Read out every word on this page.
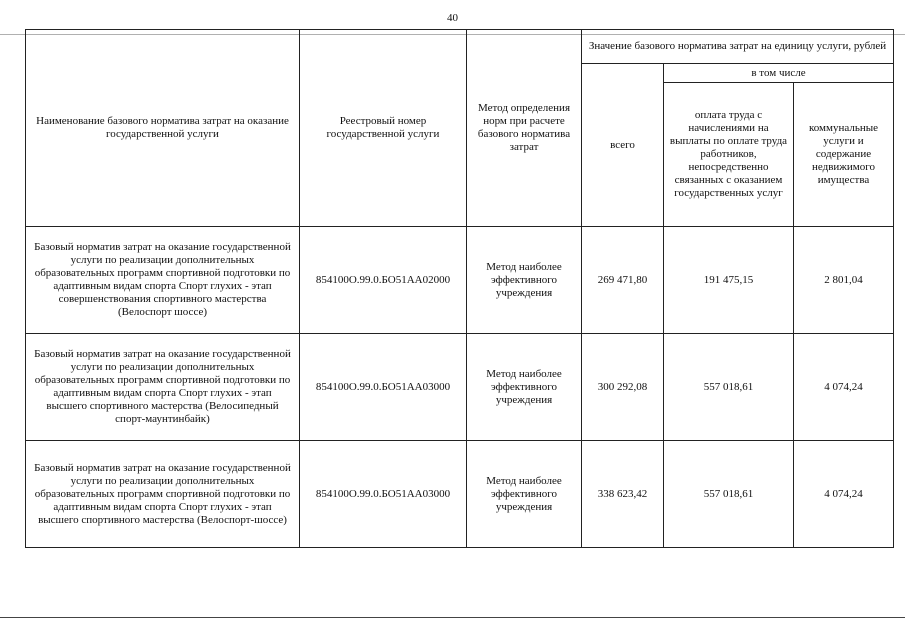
40
Наименование базового норматива затрат на оказание государственной услуги	Реестровый номер государственной услуги	Метод определения норм при расчете базового норматива затрат	Значение базового норматива затрат на единицу услуги, рублей		
			всего	в том числе	
				оплата труда с начислениями на выплаты по оплате труда работников, непосредственно связанных с оказанием государственных услуг	коммунальные услуги и содержание недвижимого имущества
Базовый норматив затрат на оказание государственной услуги по реализации дополнительных образовательных программ спортивной подготовки по адаптивным видам спорта Спорт глухих - этап совершенствования спортивного мастерства (Велоспорт шоссе)	854100О.99.0.БО51АА02000	Метод наиболее эффективного учреждения	269 471,80	191 475,15	2 801,04
Базовый норматив затрат на оказание государственной услуги по реализации дополнительных образовательных программ спортивной подготовки по адаптивным видам спорта Спорт глухих - этап высшего спортивного мастерства (Велосипедный спорт-маунтинбайк)	854100О.99.0.БО51АА03000	Метод наиболее эффективного учреждения	300 292,08	557 018,61	4 074,24
Базовый норматив затрат на оказание государственной услуги по реализации дополнительных образовательных программ спортивной подготовки по адаптивным видам спорта Спорт глухих - этап высшего спортивного мастерства (Велоспорт-шоссе)	854100О.99.0.БО51АА03000	Метод наиболее эффективного учреждения	338 623,42	557 018,61	4 074,24
